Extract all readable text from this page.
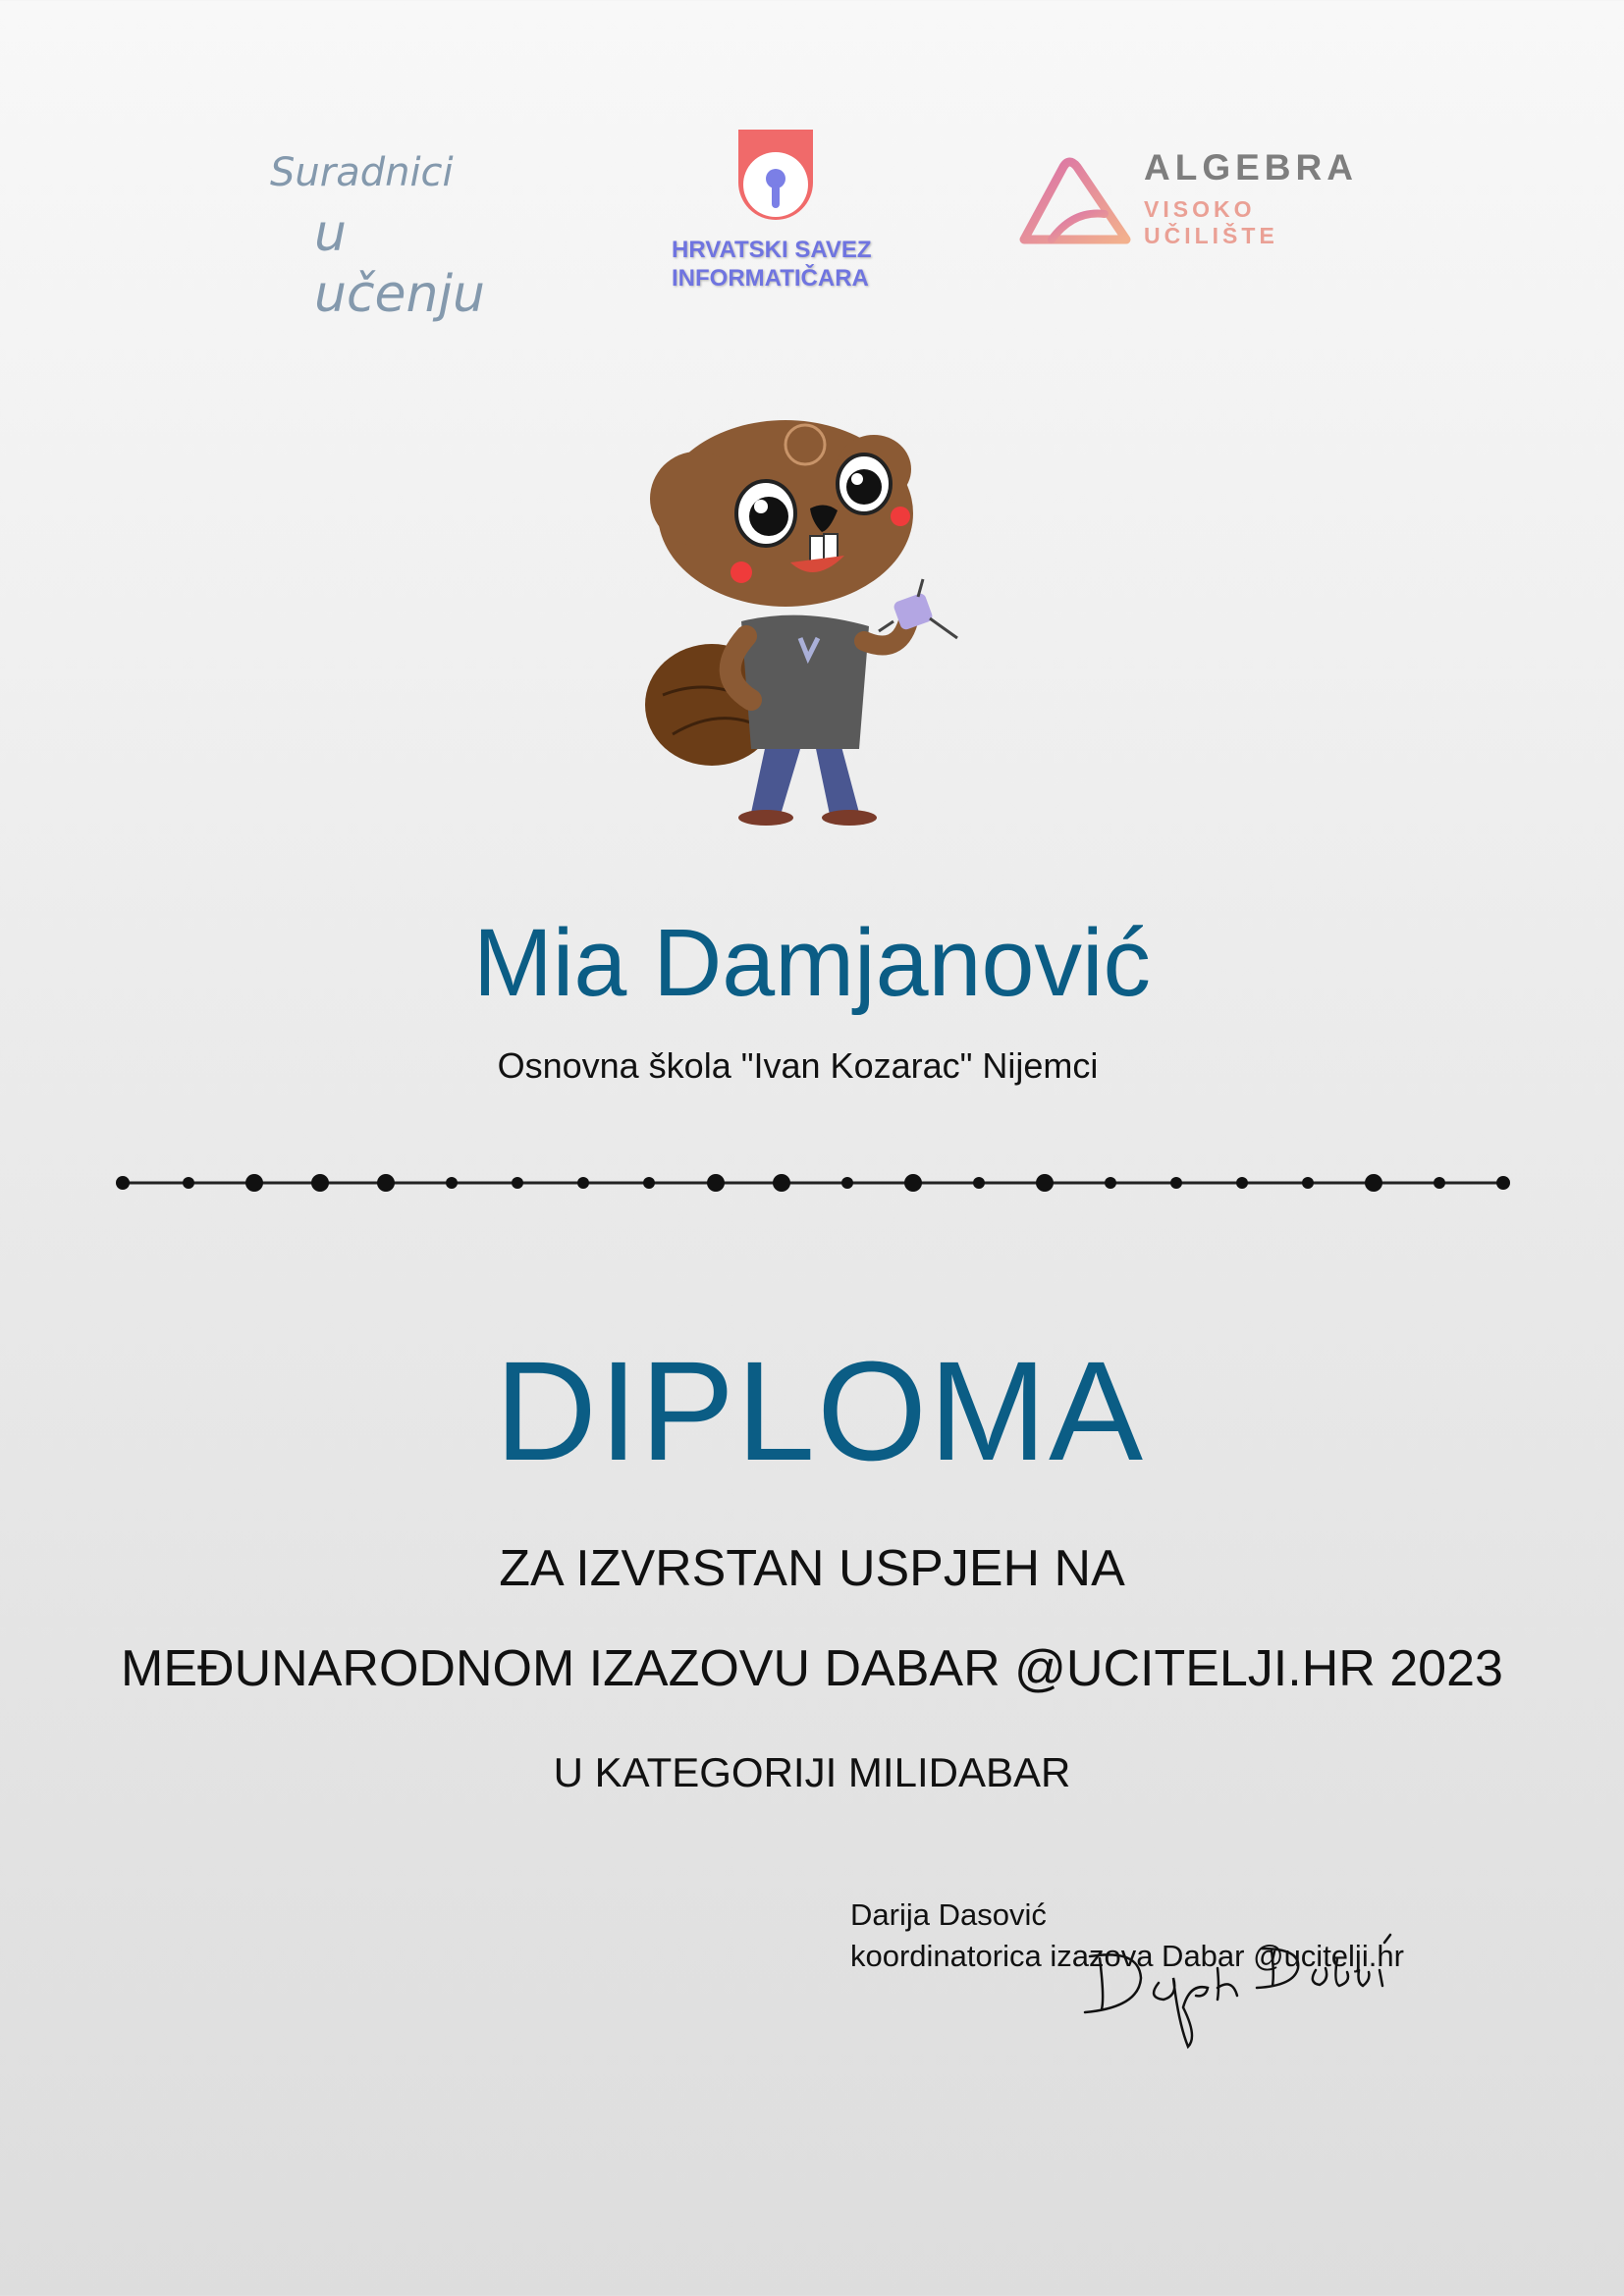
Suradnici
u učenju
HRVATSKI SAVEZ
INFORMATIČARA
ALGEBRA
VISOKO
UČILIŠTE
Mia Damjanović
Osnovna škola "Ivan Kozarac" Nijemci
DIPLOMA
ZA IZVRSTAN USPJEH NA
MEĐUNARODNOM IZAZOVU DABAR @UCITELJI.HR 2023
U KATEGORIJI MILIDABAR
Darija Dasović
koordinatorica izazova Dabar @ucitelji.hr
